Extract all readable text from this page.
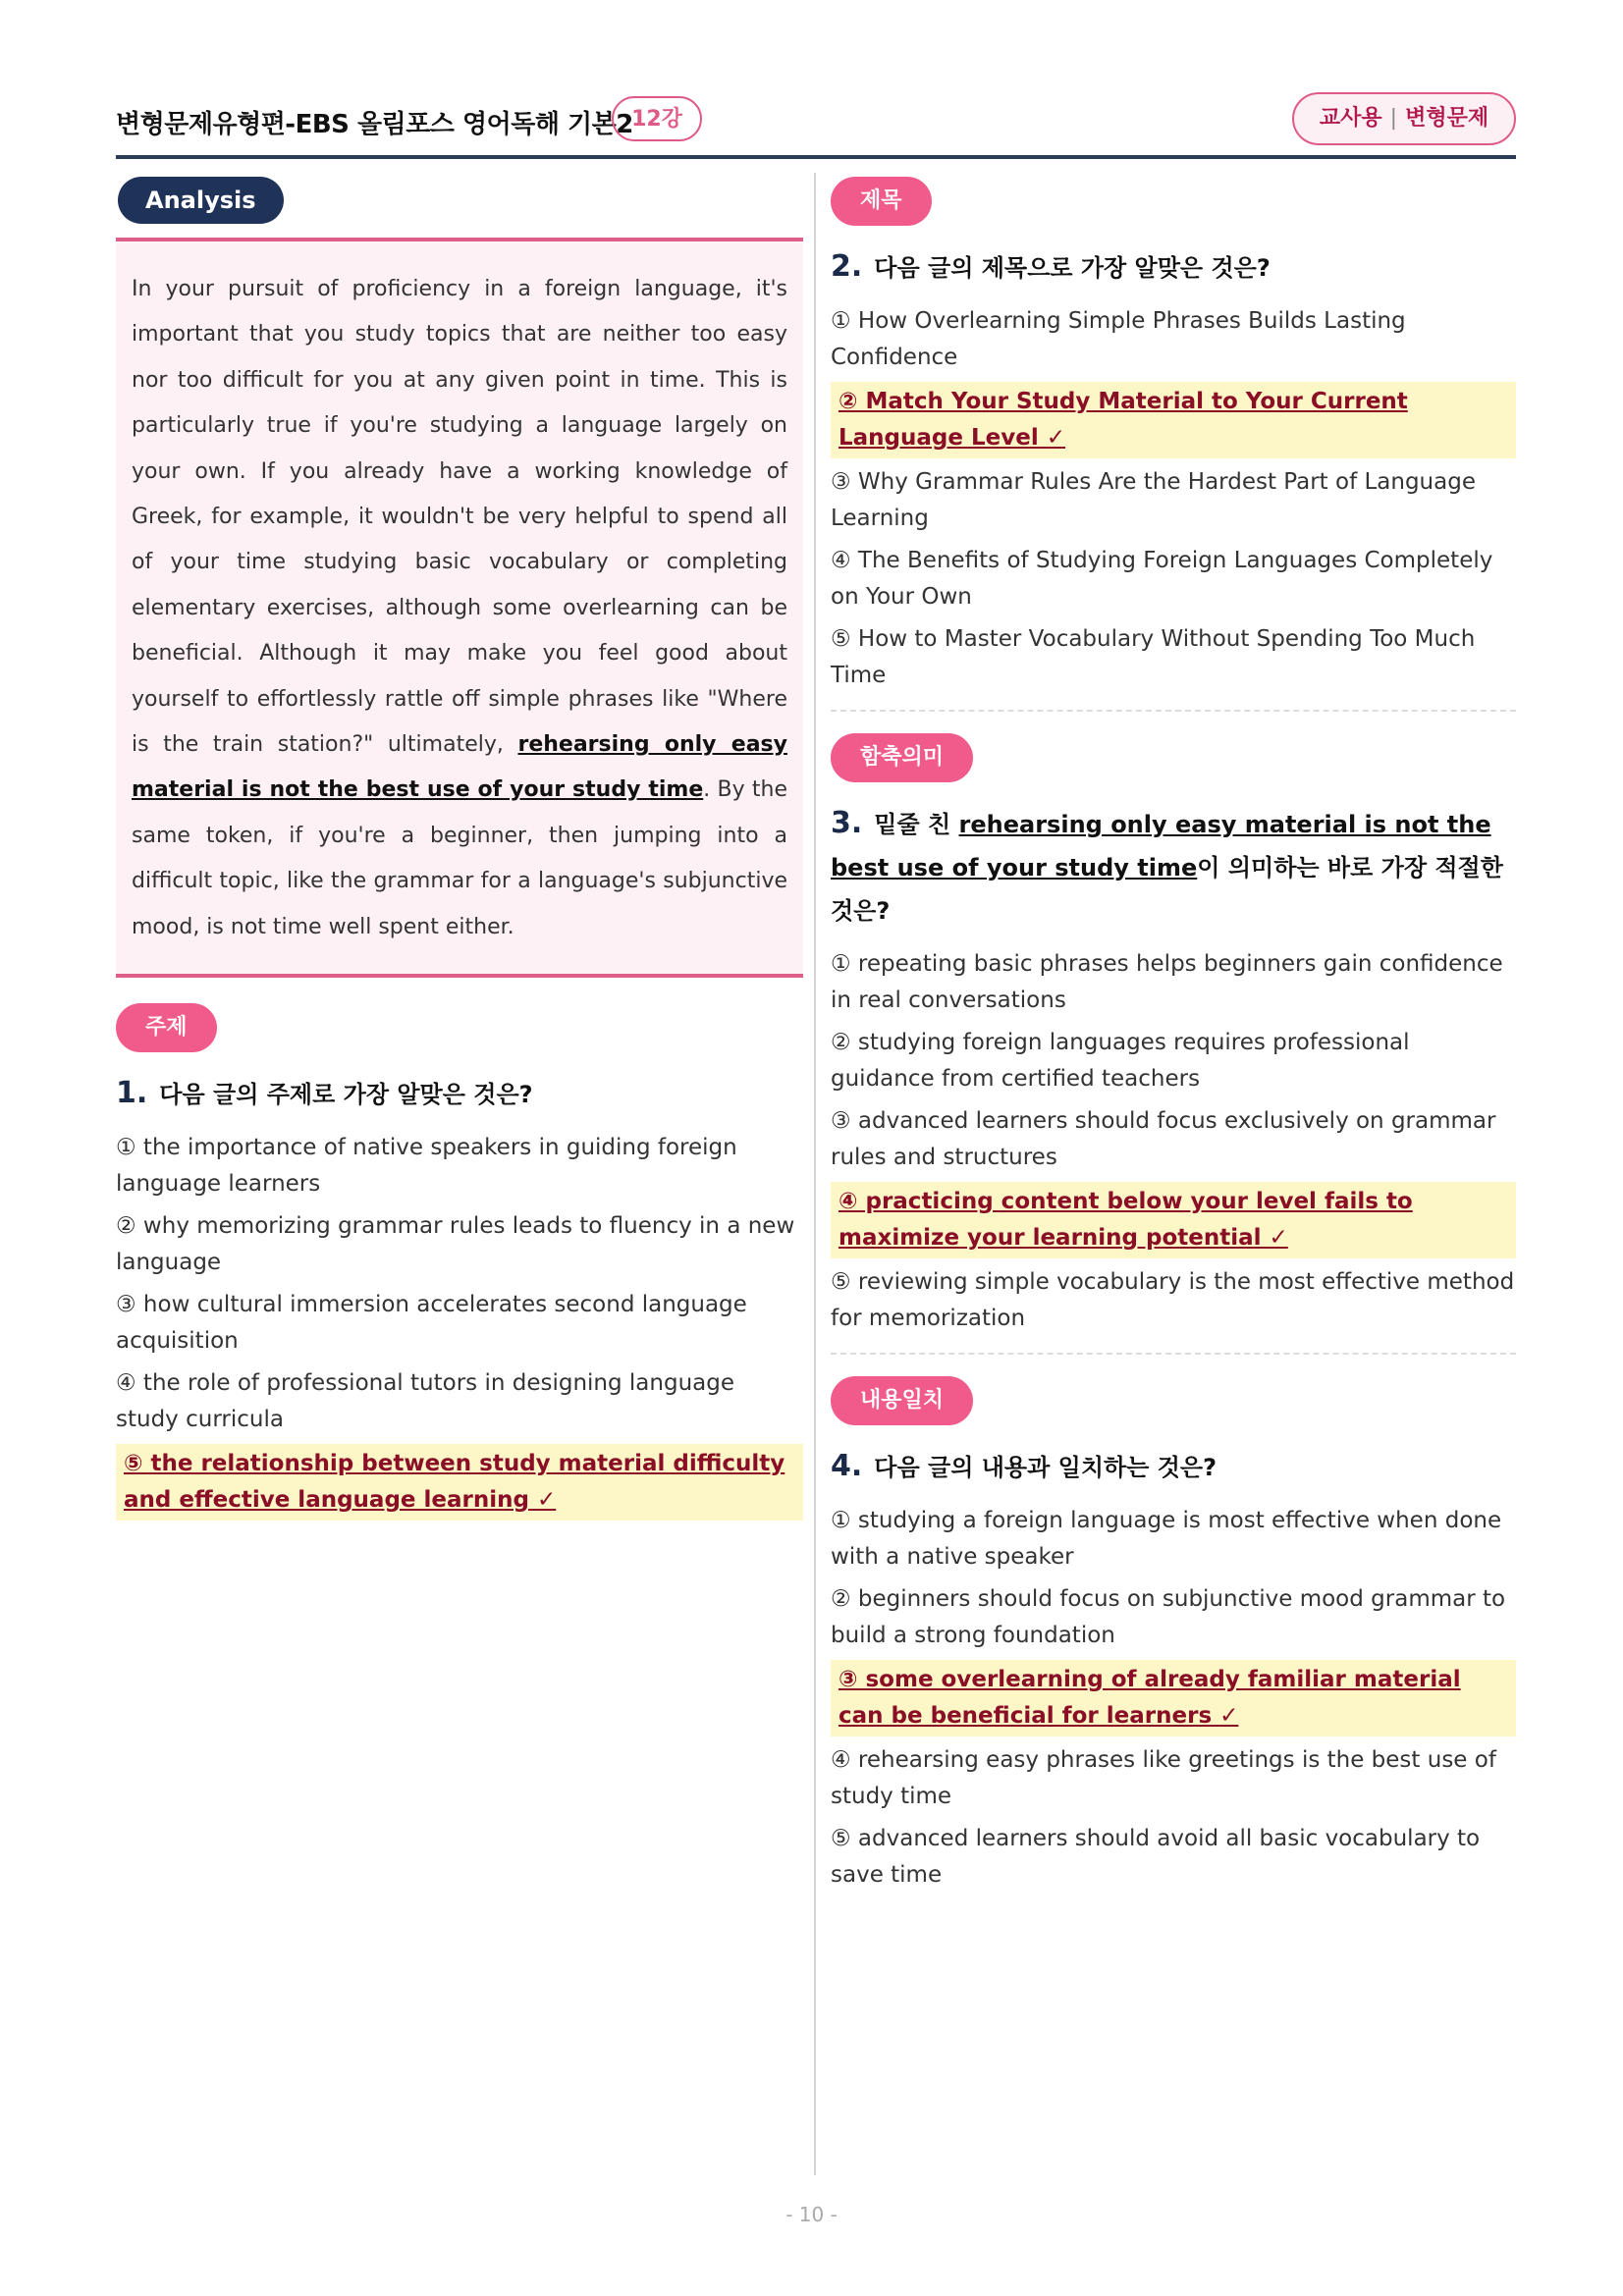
변형문제유형편-EBS 올림포스 영어독해 기본2
12강	교사용 | 변형문제
Analysis
In your pursuit of proficiency in a foreign language, it's important that you study topics that are neither too easy nor too difficult for you at any given point in time. This is particularly true if you're studying a language largely on your own. If you already have a working knowledge of Greek, for example, it wouldn't be very helpful to spend all of your time studying basic vocabulary or completing elementary exercises, although some overlearning can be beneficial. Although it may make you feel good about yourself to effortlessly rattle off simple phrases like "Where is the train station?" ultimately, rehearsing only easy material is not the best use of your study time. By the same token, if you're a beginner, then jumping into a difficult topic, like the grammar for a language's subjunctive mood, is not time well spent either.
주제
1. 다음 글의 주제로 가장 알맞은 것은?
① the importance of native speakers in guiding foreign language learners
② why memorizing grammar rules leads to fluency in a new language
③ how cultural immersion accelerates second language acquisition
④ the role of professional tutors in designing language study curricula
⑤ the relationship between study material difficulty and effective language learning ✓
제목
2. 다음 글의 제목으로 가장 알맞은 것은?
① How Overlearning Simple Phrases Builds Lasting Confidence
② Match Your Study Material to Your Current Language Level ✓
③ Why Grammar Rules Are the Hardest Part of Language Learning
④ The Benefits of Studying Foreign Languages Completely on Your Own
⑤ How to Master Vocabulary Without Spending Too Much Time
함축의미
3. 밑줄 친 rehearsing only easy material is not the best use of your study time이 의미하는 바로 가장 적절한 것은?
① repeating basic phrases helps beginners gain confidence in real conversations
② studying foreign languages requires professional guidance from certified teachers
③ advanced learners should focus exclusively on grammar rules and structures
④ practicing content below your level fails to maximize your learning potential ✓
⑤ reviewing simple vocabulary is the most effective method for memorization
내용일치
4. 다음 글의 내용과 일치하는 것은?
① studying a foreign language is most effective when done with a native speaker
② beginners should focus on subjunctive mood grammar to build a strong foundation
③ some overlearning of already familiar material can be beneficial for learners ✓
④ rehearsing easy phrases like greetings is the best use of study time
⑤ advanced learners should avoid all basic vocabulary to save time
- 10 -
